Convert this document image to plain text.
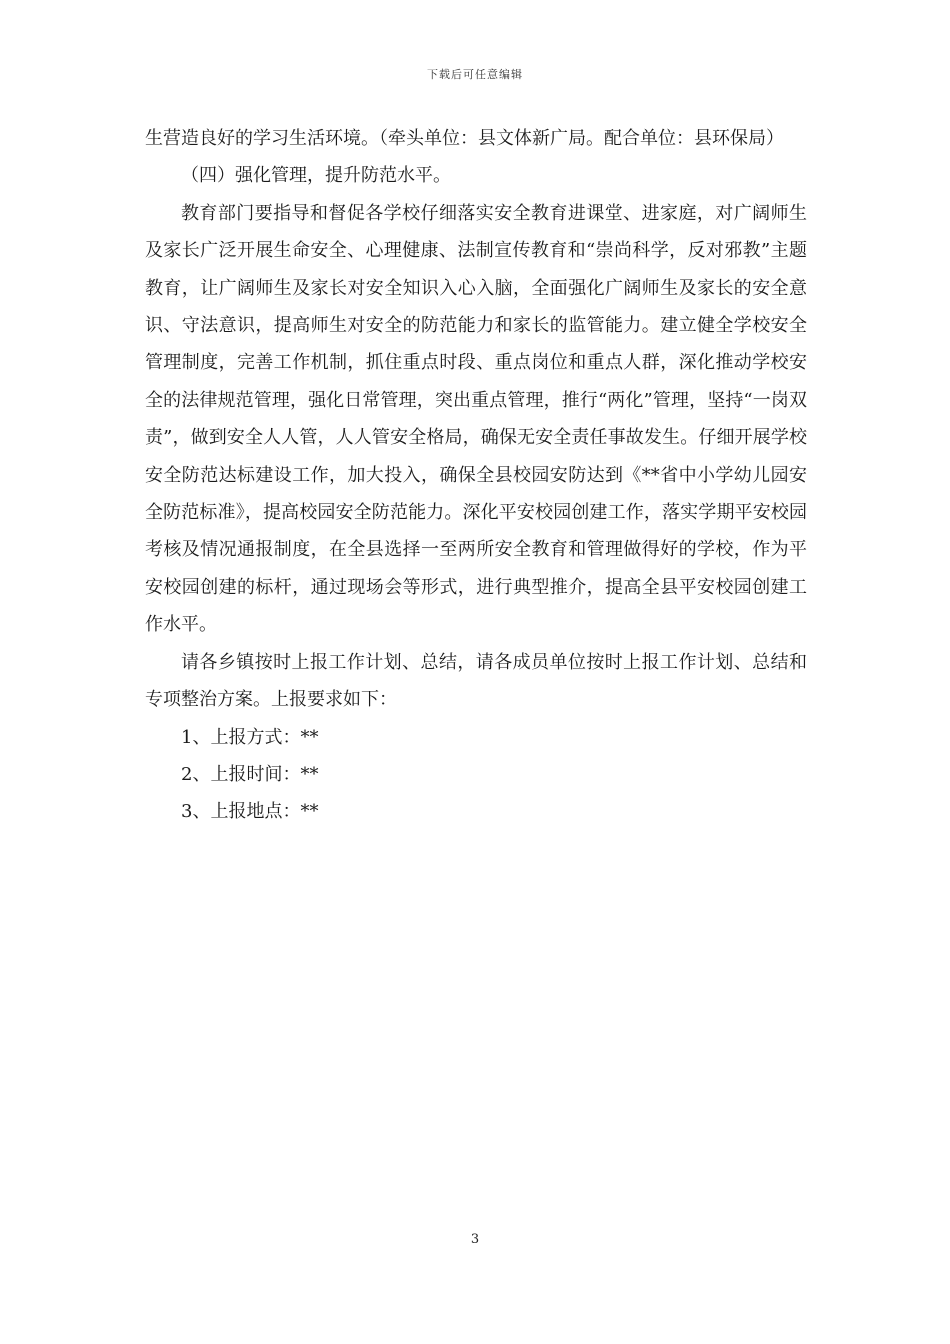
下载后可任意编辑

生营造良好的学习生活环境。（牵头单位：县文体新广局。配合单位：县环保局）

（四）强化管理，提升防范水平。

教育部门要指导和督促各学校仔细落实安全教育进课堂、进家庭，对广阔师生及家长广泛开展生命安全、心理健康、法制宣传教育和“崇尚科学，反对邪教”主题教育，让广阔师生及家长对安全知识入心入脑，全面强化广阔师生及家长的安全意识、守法意识，提高师生对安全的防范能力和家长的监管能力。建立健全学校安全管理制度，完善工作机制，抓住重点时段、重点岗位和重点人群，深化推动学校安全的法律规范管理，强化日常管理，突出重点管理，推行“两化”管理，坚持“一岗双责”，做到安全人人管，人人管安全格局，确保无安全责任事故发生。仔细开展学校安全防范达标建设工作，加大投入，确保全县校园安防达到《**省中小学幼儿园安全防范标准》，提高校园安全防范能力。深化平安校园创建工作，落实学期平安校园考核及情况通报制度，在全县选择一至两所安全教育和管理做得好的学校，作为平安校园创建的标杆，通过现场会等形式，进行典型推介，提高全县平安校园创建工作水平。

请各乡镇按时上报工作计划、总结，请各成员单位按时上报工作计划、总结和专项整治方案。上报要求如下：

1、上报方式：**

2、上报时间：**

3、上报地点：**

3
